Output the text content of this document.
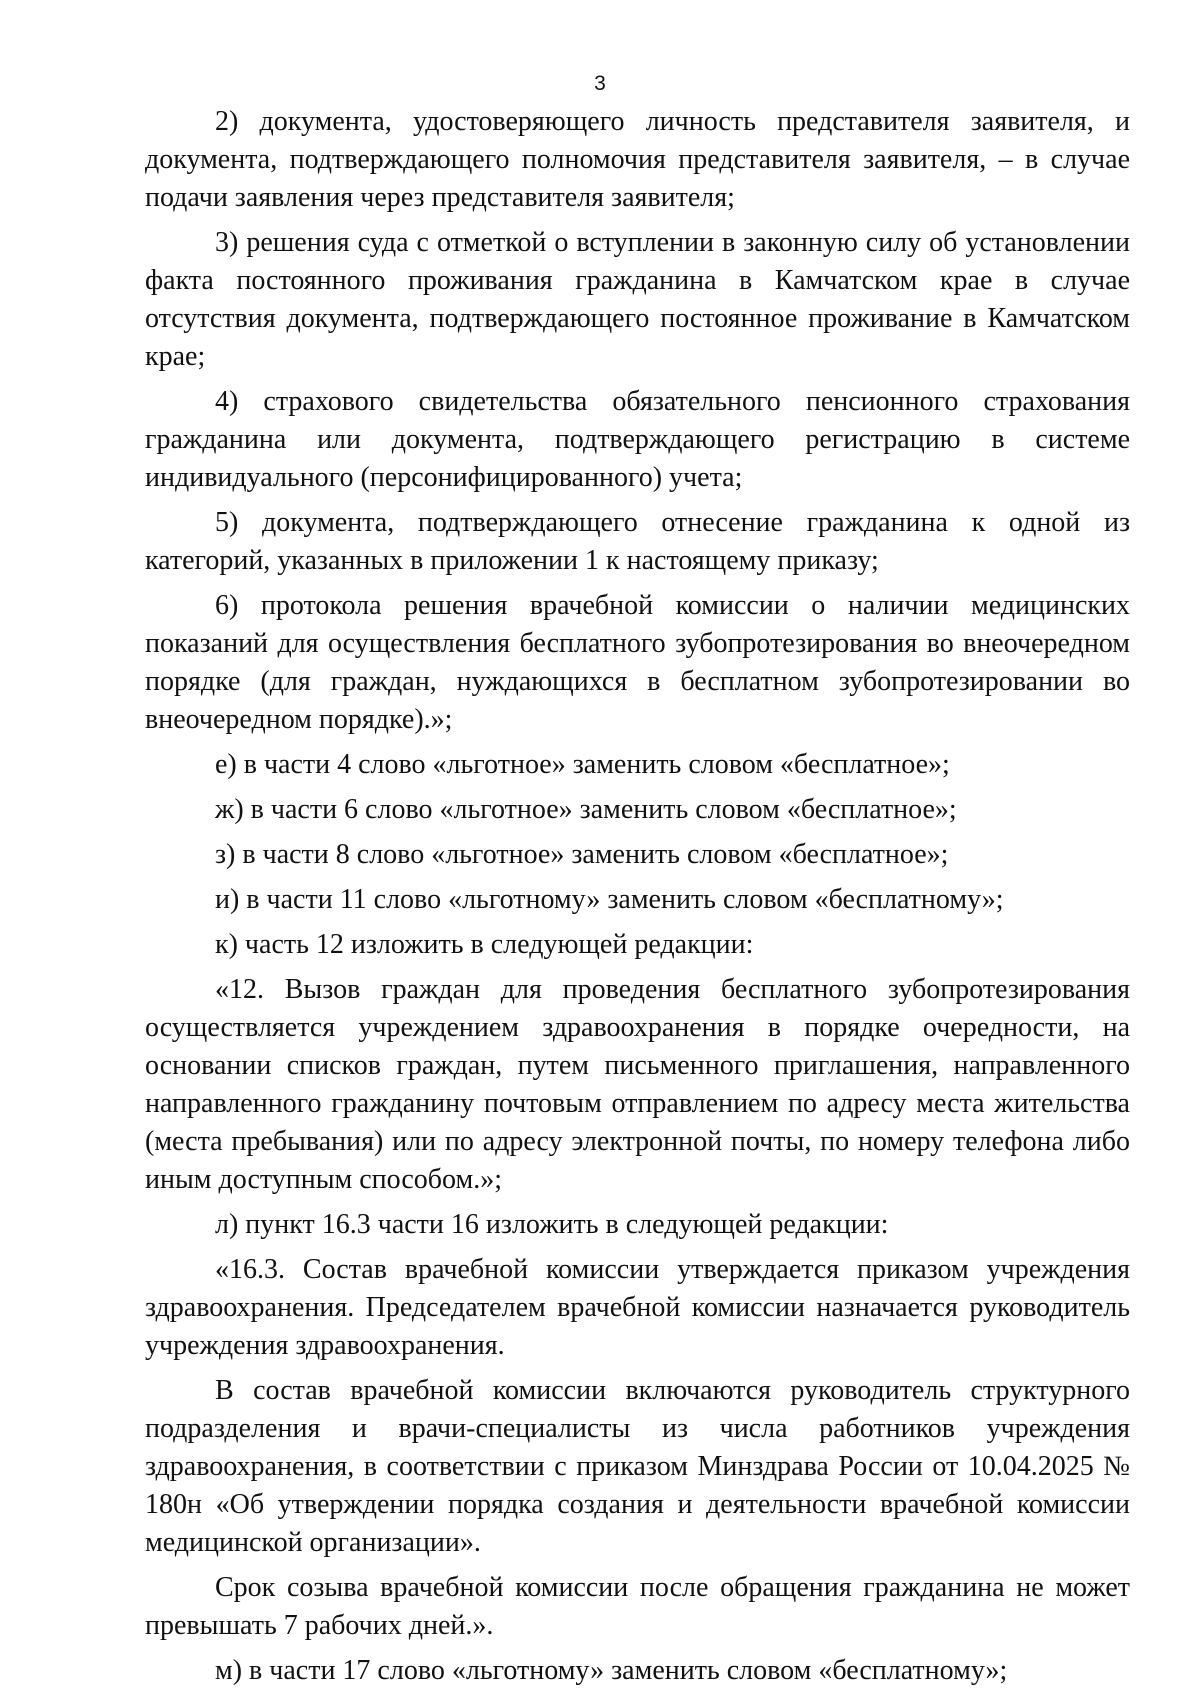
3

2) документа, удостоверяющего личность представителя заявителя, и документа, подтверждающего полномочия представителя заявителя, – в случае подачи заявления через представителя заявителя;

3) решения суда с отметкой о вступлении в законную силу об установлении факта постоянного проживания гражданина в Камчатском крае в случае отсутствия документа, подтверждающего постоянное проживание в Камчатском крае;

4) страхового свидетельства обязательного пенсионного страхования гражданина или документа, подтверждающего регистрацию в системе индивидуального (персонифицированного) учета;

5) документа, подтверждающего отнесение гражданина к одной из категорий, указанных в приложении 1 к настоящему приказу;

6) протокола решения врачебной комиссии о наличии медицинских показаний для осуществления бесплатного зубопротезирования во внеочередном порядке (для граждан, нуждающихся в бесплатном зубопротезировании во внеочередном порядке).»;

е) в части 4 слово «льготное» заменить словом «бесплатное»;

ж) в части 6 слово «льготное» заменить словом «бесплатное»;

з) в части 8 слово «льготное» заменить словом «бесплатное»;

и) в части 11 слово «льготному» заменить словом «бесплатному»;

к) часть 12 изложить в следующей редакции:

«12. Вызов граждан для проведения бесплатного зубопротезирования осуществляется учреждением здравоохранения в порядке очередности, на основании списков граждан, путем письменного приглашения, направленного направленного гражданину почтовым отправлением по адресу места жительства (места пребывания) или по адресу электронной почты, по номеру телефона либо иным доступным способом.»;

л) пункт 16.3 части 16 изложить в следующей редакции:

«16.3. Состав врачебной комиссии утверждается приказом учреждения здравоохранения. Председателем врачебной комиссии назначается руководитель учреждения здравоохранения.

В состав врачебной комиссии включаются руководитель структурного подразделения и врачи-специалисты из числа работников учреждения здравоохранения, в соответствии с приказом Минздрава России от 10.04.2025 № 180н «Об утверждении порядка создания и деятельности врачебной комиссии медицинской организации».

Срок созыва врачебной комиссии после обращения гражданина не может превышать 7 рабочих дней.».

м) в части 17 слово «льготному» заменить словом «бесплатному»;
